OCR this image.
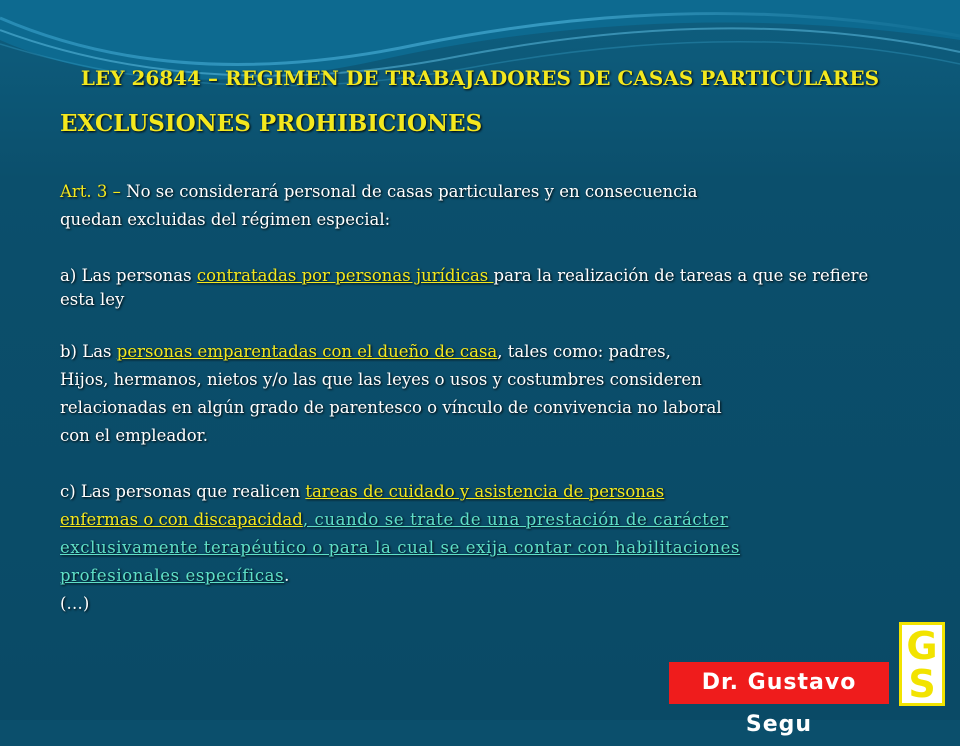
LEY 26844 – REGIMEN DE TRABAJADORES DE CASAS PARTICULARES
EXCLUSIONES PROHIBICIONES
Art. 3 – No se considerará personal de casas particulares y en consecuencia
quedan excluidas del régimen especial:
a) Las personas contratadas por personas jurídicas para la realización de tareas a que se refiere esta ley
b) Las personas emparentadas con el dueño de casa, tales como: padres,
Hijos, hermanos, nietos y/o las que las leyes o usos y costumbres consideren
relacionadas en algún grado de parentesco o vínculo de convivencia no laboral
con el empleador.
c) Las personas que realicen tareas de cuidado y asistencia de personas
enfermas o con discapacidad, cuando se trate de una prestación de carácter
exclusivamente terapéutico o para la cual se exija contar con habilitaciones
profesionales específicas.
(…)
Dr. Gustavo Segu
G
S
